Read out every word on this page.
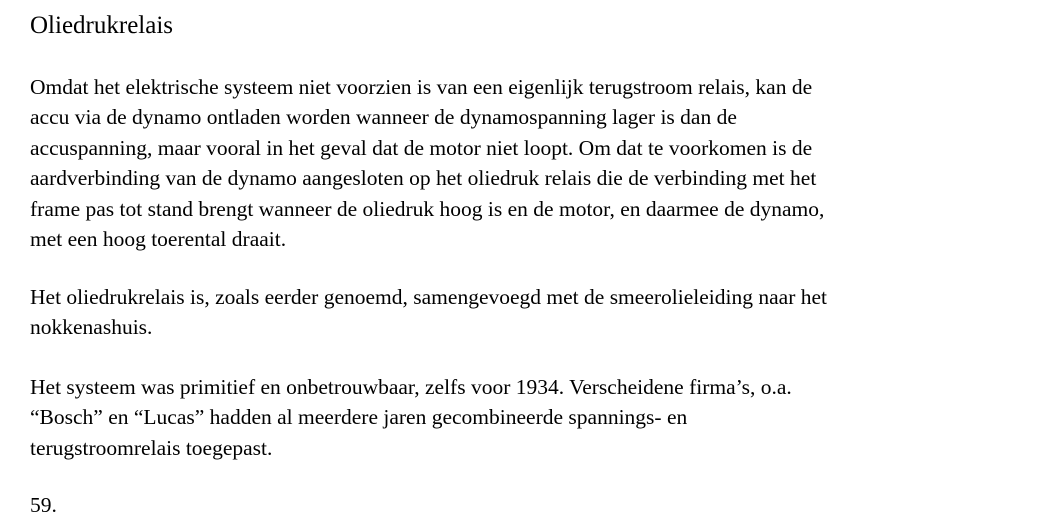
Oliedrukrelais
Omdat het elektrische systeem niet voorzien is van een eigenlijk terugstroom relais, kan de
accu via de dynamo ontladen worden wanneer de dynamospanning lager is dan de
accuspanning, maar vooral in het geval dat de motor niet loopt. Om dat te voorkomen is de
aardverbinding van de dynamo aangesloten op het oliedruk relais die de verbinding met het
frame pas tot stand brengt wanneer de oliedruk hoog is en de motor, en daarmee de dynamo,
met een hoog toerental draait.
Het oliedrukrelais is, zoals eerder genoemd, samengevoegd met de smeerolieleiding naar het
nokkenashuis.
Het systeem was primitief en onbetrouwbaar, zelfs voor 1934. Verscheidene firma’s, o.a.
“Bosch” en “Lucas” hadden al meerdere jaren gecombineerde spannings- en
terugstroomrelais toegepast.
59.
